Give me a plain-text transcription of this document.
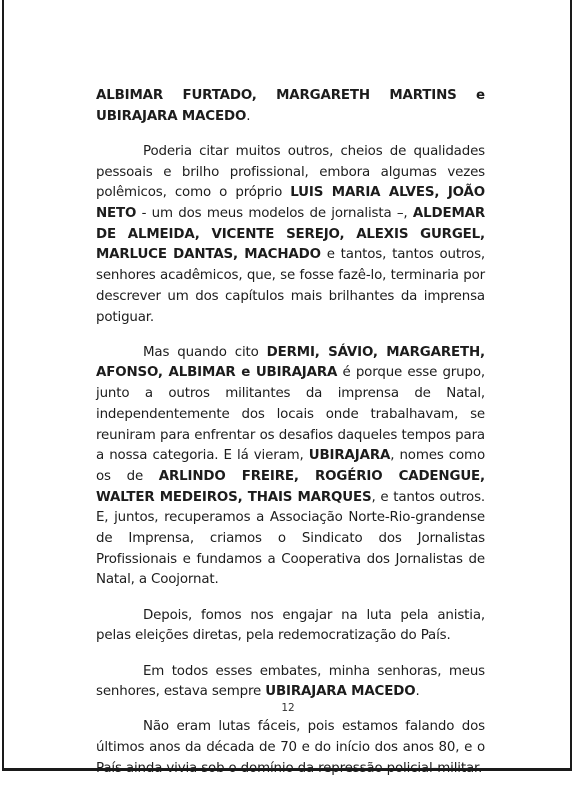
ALBIMAR FURTADO, MARGARETH MARTINS e UBIRAJARA MACEDO.

Poderia citar muitos outros, cheios de qualidades pessoais e brilho profissional, embora algumas vezes polêmicos, como o próprio LUIS MARIA ALVES, JOÃO NETO - um dos meus modelos de jornalista –, ALDEMAR DE ALMEIDA, VICENTE SEREJO, ALEXIS GURGEL, MARLUCE DANTAS, MACHADO e tantos, tantos outros, senhores acadêmicos, que, se fosse fazê-lo, terminaria por descrever um dos capítulos mais brilhantes da imprensa potiguar.

Mas quando cito DERMI, SÁVIO, MARGARETH, AFONSO, ALBIMAR e UBIRAJARA é porque esse grupo, junto a outros militantes da imprensa de Natal, independentemente dos locais onde trabalhavam, se reuniram para enfrentar os desafios daqueles tempos para a nossa categoria. E lá vieram, UBIRAJARA, nomes como os de ARLINDO FREIRE, ROGÉRIO CADENGUE, WALTER MEDEIROS, THAIS MARQUES, e tantos outros. E, juntos, recuperamos a Associação Norte-Rio-grandense de Imprensa, criamos o Sindicato dos Jornalistas Profissionais e fundamos a Cooperativa dos Jornalistas de Natal, a Coojornat.

Depois, fomos nos engajar na luta pela anistia, pelas eleições diretas, pela redemocratização do País.

Em todos esses embates, minha senhoras, meus senhores, estava sempre UBIRAJARA MACEDO.

Não eram lutas fáceis, pois estamos falando dos últimos anos da década de 70 e do início dos anos 80, e o País ainda vivia sob o domínio da repressão policial-militar.

12
